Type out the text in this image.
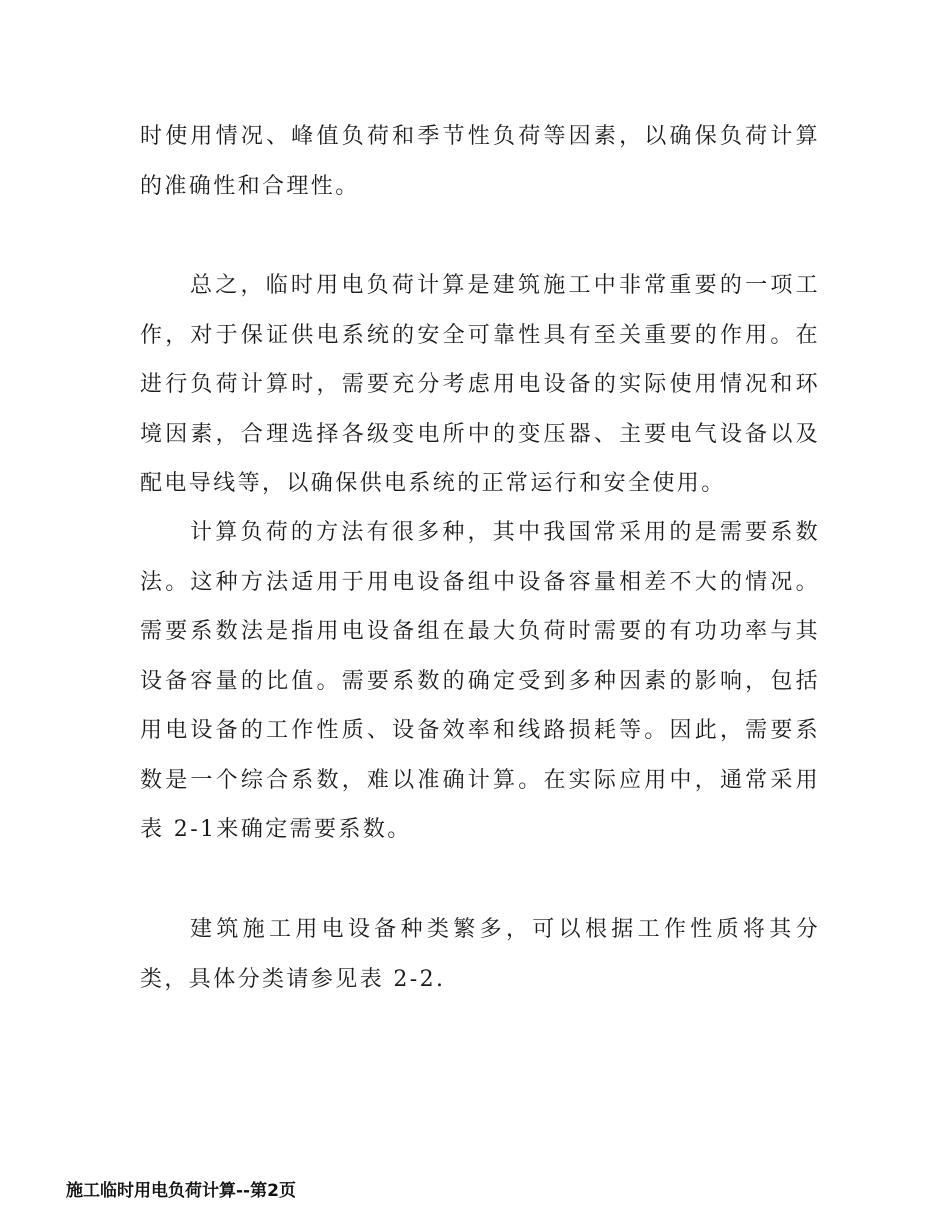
时使用情况、峰值负荷和季节性负荷等因素，以确保负荷计算的准确性和合理性。

总之，临时用电负荷计算是建筑施工中非常重要的一项工作，对于保证供电系统的安全可靠性具有至关重要的作用。在进行负荷计算时，需要充分考虑用电设备的实际使用情况和环境因素，合理选择各级变电所中的变压器、主要电气设备以及配电导线等，以确保供电系统的正常运行和安全使用。

计算负荷的方法有很多种，其中我国常采用的是需要系数法。这种方法适用于用电设备组中设备容量相差不大的情况。需要系数法是指用电设备组在最大负荷时需要的有功功率与其设备容量的比值。需要系数的确定受到多种因素的影响，包括用电设备的工作性质、设备效率和线路损耗等。因此，需要系数是一个综合系数，难以准确计算。在实际应用中，通常采用表 2-1来确定需要系数。

建筑施工用电设备种类繁多，可以根据工作性质将其分类，具体分类请参见表 2-2.

施工临时用电负荷计算--第2页
